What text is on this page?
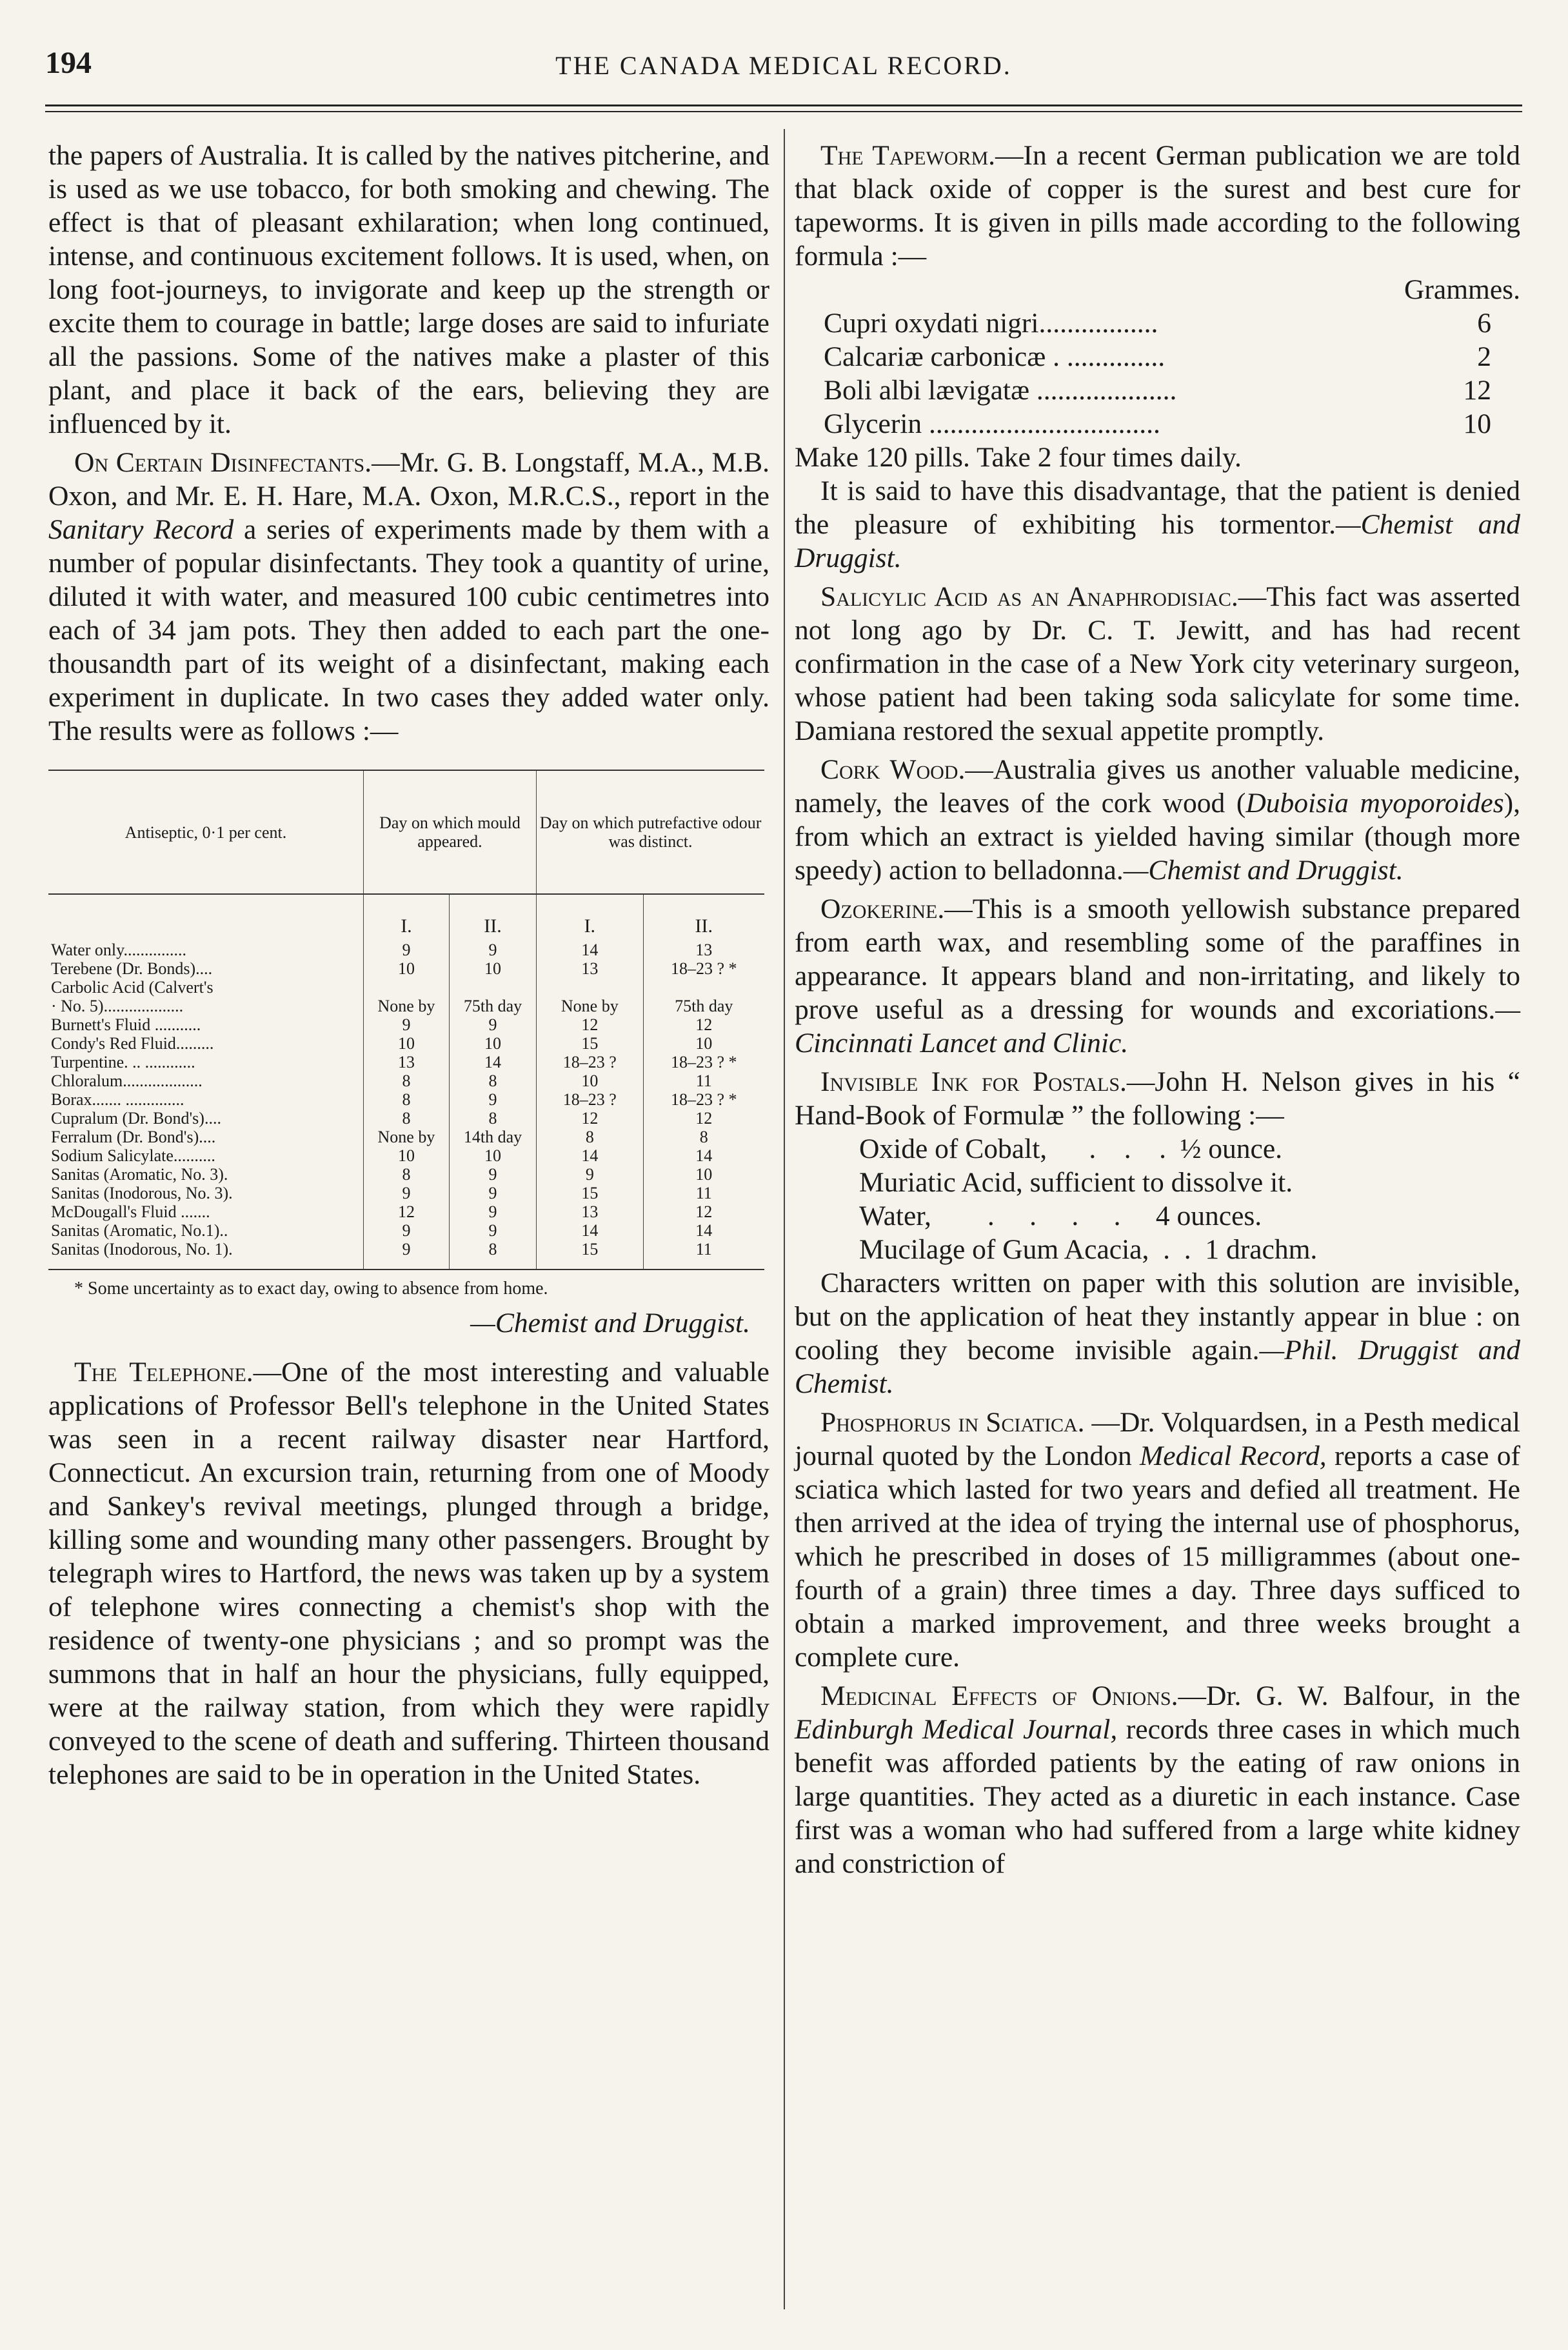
194	THE CANADA MEDICAL RECORD.

the papers of Australia. It is called by the natives pitcherine, and is used as we use tobacco, for both smoking and chewing. The effect is that of pleasant exhilaration; when long continued, intense, and continuous excitement follows. It is used, when, on long foot-journeys, to invigorate and keep up the strength or excite them to courage in battle; large doses are said to infuriate all the passions. Some of the natives make a plaster of this plant, and place it back of the ears, believing they are influenced by it.

On Certain Disinfectants.—Mr. G. B. Longstaff, M.A., M.B. Oxon, and Mr. E. H. Hare, M.A. Oxon, M.R.C.S., report in the Sanitary Record a series of experiments made by them with a number of popular disinfectants. They took a quantity of urine, diluted it with water, and measured 100 cubic centimetres into each of 34 jam pots. They then added to each part the one-thousandth part of its weight of a disinfectant, making each experiment in duplicate. In two cases they added water only. The results were as follows :—

Antiseptic, 0·1 per cent.	Day on which mould appeared.		Day on which putrefactive odour was distinct.	
	I.	II.	I.	II.
Water only...............	9	9	14	13
Terebene (Dr. Bonds)....	10	10	13	18–23 ? *
Carbolic Acid (Calvert's				
· No. 5)...................	None by	75th day	None by	75th day
Burnett's Fluid ...........	9	9	12	12
Condy's Red Fluid.........	10	10	15	10
Turpentine. .. ............	13	14	18–23 ?	18–23 ? *
Chloralum...................	8	8	10	11
Borax....... ..............	8	9	18–23 ?	18–23 ? *
Cupralum (Dr. Bond's)....	8	8	12	12
Ferralum (Dr. Bond's)....	None by	14th day	8	8
Sodium Salicylate..........	10	10	14	14
Sanitas (Aromatic, No. 3).	8	9	9	10
Sanitas (Inodorous, No. 3).	9	9	15	11
McDougall's Fluid .......	12	9	13	12
Sanitas (Aromatic, No.1)..	9	9	14	14
Sanitas (Inodorous, No. 1).	9	8	15	11

* Some uncertainty as to exact day, owing to absence from home.

—Chemist and Druggist.

The Telephone.—One of the most interesting and valuable applications of Professor Bell's telephone in the United States was seen in a recent railway disaster near Hartford, Connecticut. An excursion train, returning from one of Moody and Sankey's revival meetings, plunged through a bridge, killing some and wounding many other passengers. Brought by telegraph wires to Hartford, the news was taken up by a system of telephone wires connecting a chemist's shop with the residence of twenty-one physicians ; and so prompt was the summons that in half an hour the physicians, fully equipped, were at the railway station, from which they were rapidly conveyed to the scene of death and suffering. Thirteen thousand telephones are said to be in operation in the United States.

The Tapeworm.—In a recent German publication we are told that black oxide of copper is the surest and best cure for tapeworms. It is given in pills made according to the following formula :—

Grammes.
Cupri oxydati nigri.................	6
Calcariæ carbonicæ . ..............	2
Boli albi lævigatæ ....................	12
Glycerin .................................	10

Make 120 pills. Take 2 four times daily.

It is said to have this disadvantage, that the patient is denied the pleasure of exhibiting his tormentor.—Chemist and Druggist.

Salicylic Acid as an Anaphrodisiac.—This fact was asserted not long ago by Dr. C. T. Jewitt, and has had recent confirmation in the case of a New York city veterinary surgeon, whose patient had been taking soda salicylate for some time. Damiana restored the sexual appetite promptly.

Cork Wood.—Australia gives us another valuable medicine, namely, the leaves of the cork wood (Duboisia myoporoides), from which an extract is yielded having similar (though more speedy) action to belladonna.—Chemist and Druggist.

Ozokerine.—This is a smooth yellowish substance prepared from earth wax, and resembling some of the paraffines in appearance. It appears bland and non-irritating, and likely to prove useful as a dressing for wounds and excoriations.—Cincinnati Lancet and Clinic.

Invisible Ink for Postals.—John H. Nelson gives in his “ Hand-Book of Formulæ ” the following :—

Oxide of Cobalt,      .    .    .  ½ ounce.
Muriatic Acid, sufficient to dissolve it.
Water,        .     .     .     .     4 ounces.
Mucilage of Gum Acacia,  .  .  1 drachm.

Characters written on paper with this solution are invisible, but on the application of heat they instantly appear in blue : on cooling they become invisible again.—Phil. Druggist and Chemist.

Phosphorus in Sciatica. —Dr. Volquardsen, in a Pesth medical journal quoted by the London Medical Record, reports a case of sciatica which lasted for two years and defied all treatment. He then arrived at the idea of trying the internal use of phosphorus, which he prescribed in doses of 15 milligrammes (about one-fourth of a grain) three times a day. Three days sufficed to obtain a marked improvement, and three weeks brought a complete cure.

Medicinal Effects of Onions.—Dr. G. W. Balfour, in the Edinburgh Medical Journal, records three cases in which much benefit was afforded patients by the eating of raw onions in large quantities. They acted as a diuretic in each instance. Case first was a woman who had suffered from a large white kidney and constriction of
